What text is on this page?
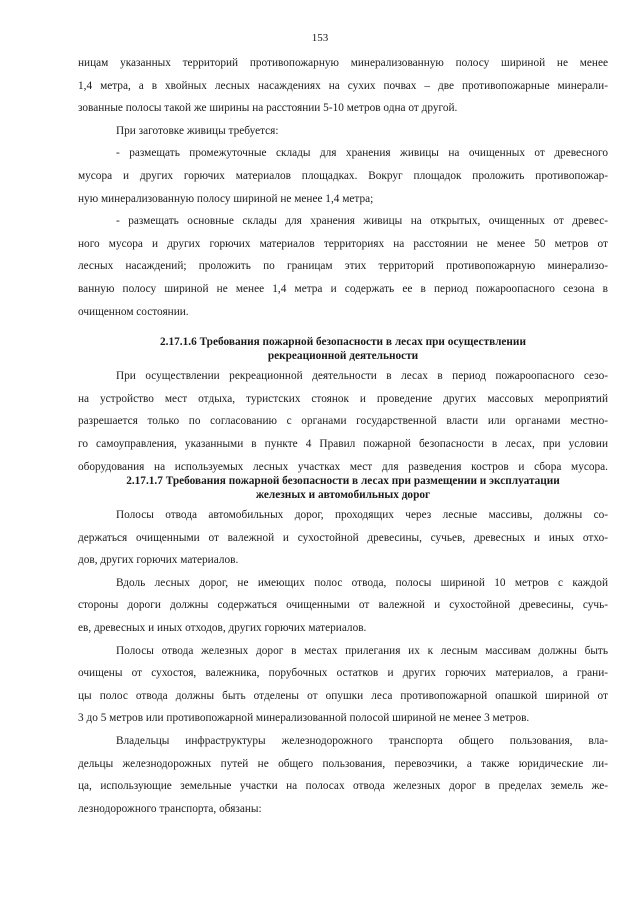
153
ницам указанных территорий противопожарную минерализованную полосу шириной не менее
1,4 метра, а в хвойных лесных насаждениях на сухих почвах – две противопожарные минерали-
зованные полосы такой же ширины на расстоянии 5-10 метров одна от другой.
При заготовке живицы требуется:
- размещать промежуточные склады для хранения живицы на очищенных от древесного
мусора и других горючих материалов площадках. Вокруг площадок проложить противопожар-
ную минерализованную полосу шириной не менее 1,4 метра;
- размещать основные склады для хранения живицы на открытых, очищенных от древес-
ного мусора и других горючих материалов территориях на расстоянии не менее 50 метров от
лесных насаждений; проложить по границам этих территорий противопожарную минерализо-
ванную полосу шириной не менее 1,4 метра и содержать ее в период пожароопасного сезона в
очищенном состоянии.
2.17.1.6 Требования пожарной безопасности в лесах при осуществлении
рекреационной деятельности
При осуществлении рекреационной деятельности в лесах в период пожароопасного сезо-
на устройство мест отдыха, туристских стоянок и проведение других массовых мероприятий
разрешается только по согласованию с органами государственной власти или органами местно-
го самоуправления, указанными в пункте 4 Правил пожарной безопасности в лесах, при условии
оборудования на используемых лесных участках мест для разведения костров и сбора мусора.
2.17.1.7 Требования пожарной безопасности в лесах при размещении и эксплуатации
железных и автомобильных дорог
Полосы отвода автомобильных дорог, проходящих через лесные массивы, должны со-
держаться очищенными от валежной и сухостойной древесины, сучьев, древесных и иных отхо-
дов, других горючих материалов.
Вдоль лесных дорог, не имеющих полос отвода, полосы шириной 10 метров с каждой
стороны дороги должны содержаться очищенными от валежной и сухостойной древесины, сучь-
ев, древесных и иных отходов, других горючих материалов.
Полосы отвода железных дорог в местах прилегания их к лесным массивам должны быть
очищены от сухостоя, валежника, порубочных остатков и других горючих материалов, а грани-
цы полос отвода должны быть отделены от опушки леса противопожарной опашкой шириной от
3 до 5 метров или противопожарной минерализованной полосой шириной не менее 3 метров.
Владельцы инфраструктуры железнодорожного транспорта общего пользования, вла-
дельцы железнодорожных путей не общего пользования, перевозчики, а также юридические ли-
ца, использующие земельные участки на полосах отвода железных дорог в пределах земель же-
лезнодорожного транспорта, обязаны:
